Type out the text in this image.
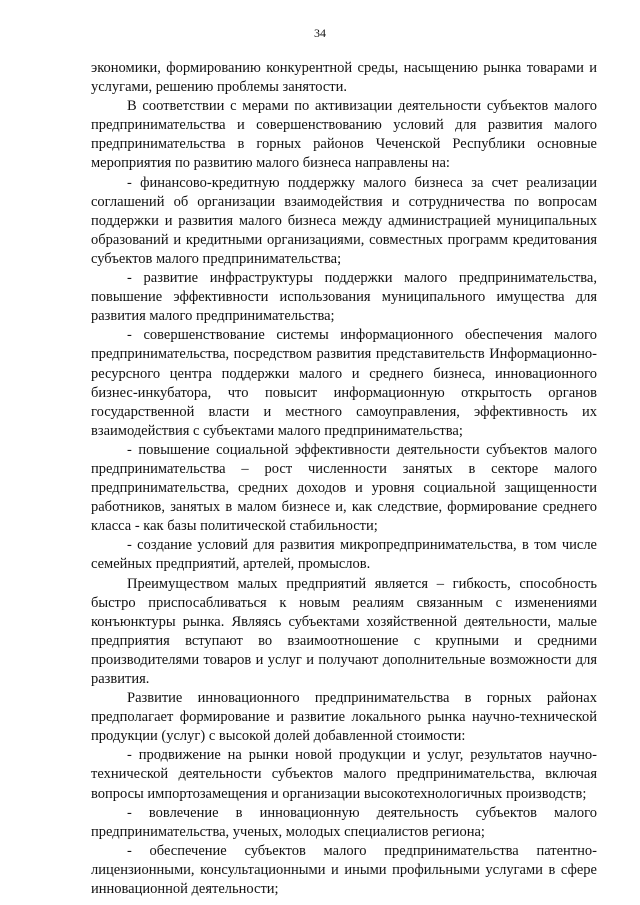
34

экономики, формированию конкурентной среды, насыщению рынка товарами и услугами, решению проблемы занятости.

В соответствии с мерами по активизации деятельности субъектов малого предпринимательства и совершенствованию условий для развития малого предпринимательства в горных районов Чеченской Республики основные мероприятия по развитию малого бизнеса направлены на:

- финансово-кредитную поддержку малого бизнеса за счет реализации соглашений об организации взаимодействия и сотрудничества по вопросам поддержки и развития малого бизнеса между администрацией муниципальных образований и кредитными организациями, совместных программ кредитования субъектов малого предпринимательства;

- развитие инфраструктуры поддержки малого предпринимательства, повышение эффективности использования муниципального имущества для развития малого предпринимательства;

- совершенствование системы информационного обеспечения малого предпринимательства, посредством развития представительств Информационно-ресурсного центра поддержки малого и среднего бизнеса, инновационного бизнес-инкубатора, что повысит информационную открытость органов государственной власти и местного самоуправления, эффективность их взаимодействия с субъектами малого предпринимательства;

- повышение социальной эффективности деятельности субъектов малого предпринимательства – рост численности занятых в секторе малого предпринимательства, средних доходов и уровня социальной защищенности работников, занятых в малом бизнесе и, как следствие, формирование среднего класса - как базы политической стабильности;

- создание условий для развития микропредпринимательства, в том числе семейных предприятий, артелей, промыслов.

Преимуществом малых предприятий является – гибкость, способность быстро приспосабливаться к новым реалиям связанным с изменениями конъюнктуры рынка. Являясь субъектами хозяйственной деятельности, малые предприятия вступают во взаимоотношение с крупными и средними производителями товаров и услуг и получают дополнительные возможности для развития.

Развитие инновационного предпринимательства в горных районах предполагает формирование и развитие локального рынка научно-технической продукции (услуг) с высокой долей добавленной стоимости:

- продвижение на рынки новой продукции и услуг, результатов научно-технической деятельности субъектов малого предпринимательства, включая вопросы импортозамещения и организации высокотехнологичных производств;

- вовлечение в инновационную деятельность субъектов малого предпринимательства, ученых, молодых специалистов региона;

- обеспечение субъектов малого предпринимательства патентно-лицензионными, консультационными и иными профильными услугами в сфере инновационной деятельности;
